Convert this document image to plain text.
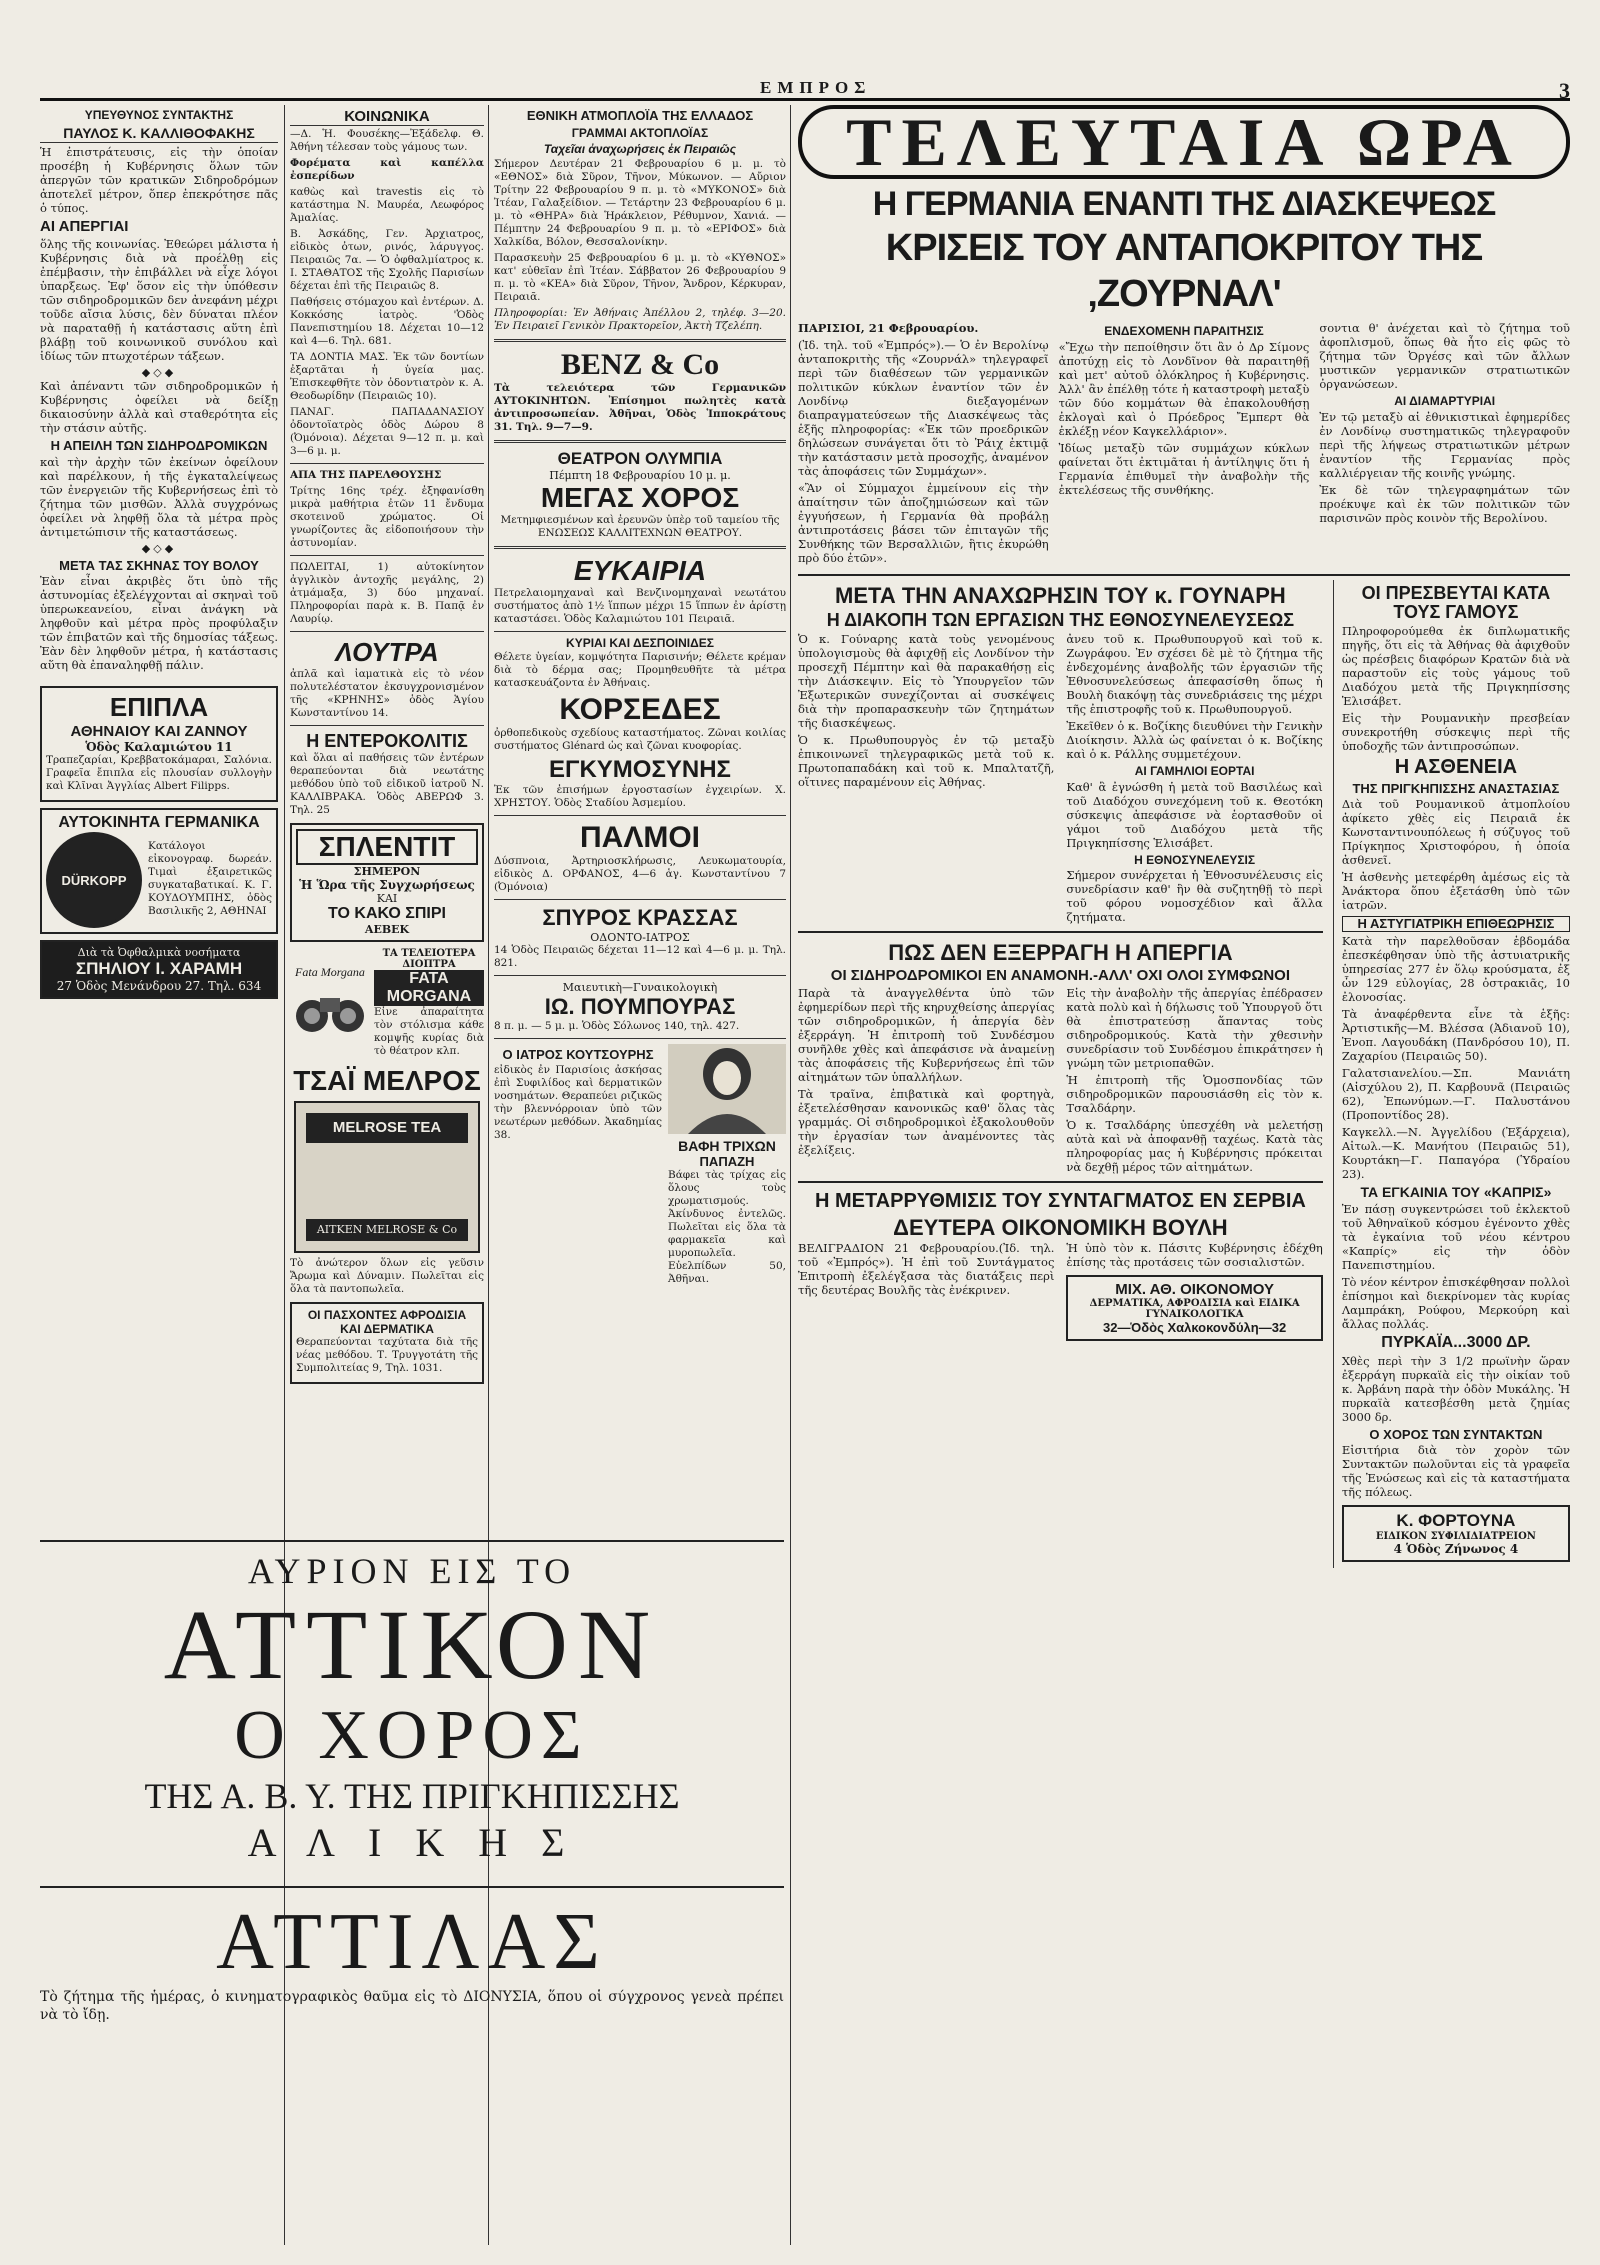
ΕΜΠΡΟΣ	3
ΥΠΕΥΘΥΝΟΣ ΣΥΝΤΑΚΤΗΣ
ΠΑΥΛΟΣ Κ. ΚΑΛΛΙΘΟΦΑΚΗΣ

Ἡ ἐπιστράτευσις, εἰς τὴν ὁποίαν προσέβη ἡ Κυβέρνησις ὅλων τῶν ἀπεργῶν τῶν κρατικῶν Σιδηροδρόμων ἀποτελεῖ μέτρον, ὅπερ ἐπεκρότησε πᾶς ὁ τύπος.

ΑΙ ΑΠΕΡΓΙΑΙ

ὅλης τῆς κοινωνίας. Ἐθεώρει μάλιστα ἡ Κυβέρνησις διὰ νὰ προέλθῃ εἰς ἐπέμβασιν, τὴν ἐπιβάλλει νὰ εἶχε λόγοι ὑπαρξεως. Ἐφ' ὅσον εἰς τὴν ὑπόθεσιν τῶν σιδηροδρομικῶν δεν ἀνεφάνη μέχρι τοῦδε αἴσια λύσις, δὲν δύναται πλέον νὰ παραταθῇ ἡ κατάστασις αὕτη ἐπὶ βλάβῃ τοῦ κοινωνικοῦ συνόλου καὶ ἰδίως τῶν πτωχοτέρων τάξεων.

◆◇◆

Καὶ ἀπέναντι τῶν σιδηροδρομικῶν ἡ Κυβέρνησις ὀφείλει νὰ δείξῃ δικαιοσύνην ἀλλὰ καὶ σταθερότητα εἰς τὴν στάσιν αὐτῆς.

Η ΑΠΕΙΛΗ ΤΩΝ ΣΙΔΗΡΟΔΡΟΜΙΚΩΝ

καὶ τὴν ἀρχὴν τῶν ἐκείνων ὀφείλουν καὶ παρέλκουν, ἡ τῆς ἐγκαταλείψεως τῶν ἐνεργειῶν τῆς Κυβερνήσεως ἐπὶ τὸ ζήτημα τῶν μισθῶν. Ἀλλὰ συγχρόνως ὀφείλει νὰ ληφθῇ ὅλα τὰ μέτρα πρὸς ἀντιμετώπισιν τῆς καταστάσεως.

◆◇◆
ΜΕΤΑ ΤΑΣ ΣΚΗΝΑΣ ΤΟΥ ΒΟΛΟΥ

Ἐὰν εἶναι ἀκριβὲς ὅτι ὑπὸ τῆς ἀστυνομίας ἐξελέγχονται αἱ σκηναὶ τοῦ ὑπερωκεανείου, εἶναι ἀνάγκη νὰ ληφθοῦν καὶ μέτρα πρὸς προφύλαξιν τῶν ἐπιβατῶν καὶ τῆς δημοσίας τάξεως. Ἐὰν δὲν ληφθοῦν μέτρα, ἡ κατάστασις αὕτη θὰ ἐπαναληφθῇ πάλιν.

ΕΠΙΠΛΑ
ΑΘΗΝΑΙΟΥ ΚΑΙ ΖΑΝΝΟΥ
Ὁδὸς Καλαμιώτου 11

Τραπεζαρίαι, Κρεββατοκάμαραι, Σαλόνια. Γραφεῖα ἔπιπλα εἰς πλουσίαν συλλογὴν καὶ Κλῖναι Ἀγγλίας Albert Filipps.

ΑΥΤΟΚΙΝΗΤΑ ΓΕΡΜΑΝΙΚΑ
DÜRKOPP

Κατάλογοι εἰκονογραφ. δωρεάν. Τιμαὶ ἐξαιρετικῶς συγκαταβατικαί. Κ. Γ. ΚΟΥΔΟΥΜΠΗΣ, ὁδὸς Βασιλικῆς 2, ΑΘΗΝΑΙ

Διὰ τὰ Ὀφθαλμικὰ νοσήματα
ΣΠΗΛΙΟΥ Ι. ΧΑΡΑΜΗ
27 Ὁδὸς Μενάνδρου 27. Τηλ. 634
ΚΟΙΝΩΝΙΚΑ

—Δ. Ἡ. Φουσέκης—Ἐξάδελφ. Θ. Ἀθήνη τέλεσαν τοὺς γάμους των.

Φορέματα καὶ καπέλλα ἐσπερίδων

καθὼς καὶ travestis εἰς τὸ κατάστημα Ν. Μαυρέα, Λεωφόρος Ἀμαλίας.

Β. Ἀσκάδης, Γεν. Ἀρχιατρος, εἰδικὸς ὀτων, ρινός, λάρυγγος. Πειραιῶς 7α. — Ὁ ὀφθαλμίατρος κ. Ι. ΣΤΑΘΑΤΟΣ τῆς Σχολῆς Παρισίων δέχεται ἐπὶ τῆς Πειραιῶς 8.

Παθήσεις στόμαχου καὶ ἐντέρων. Δ. Κοκκόσης ἰατρὸς. 'Ὁδὸς Πανεπιστημίου 18. Δέχεται 10—12 καὶ 4—6. Τηλ. 681.

ΤΑ ΔΟΝΤΙΑ ΜΑΣ. Ἐκ τῶν δοντίων ἐξαρτᾶται ἡ ὑγεία μας. Ἐπισκεφθῆτε τὸν ὀδοντιατρὸν κ. Α. Θεοδωρίδην (Πειραιῶς 10).

ΠΑΝΑΓ. ΠΑΠΑΔΑΝΑΣΙΟΥ ὀδοντοϊατρὸς ὁδὸς Δώρου 8 (Ὀμόνοια). Δέχεται 9—12 π. μ. καὶ 3—6 μ. μ.

ΑΠΑ ΤΗΣ ΠΑΡΕΛΘΟΥΣΗΣ

Τρίτης 16ης τρέχ. ἐξηφανίσθη μικρὰ μαθήτρια ἐτῶν 11 ἔνδυμα σκοτεινοῦ χρώματος. Οἱ γνωρίζοντες ἂς εἰδοποιήσουν τὴν ἀστυνομίαν.

ΠΩΛΕΙΤΑΙ, 1) αὐτοκίνητον ἀγγλικὸν ἀντοχῆς μεγάλης, 2) ἀτμάμαξα, 3) δύο μηχαναί. Πληροφορίαι παρὰ κ. Β. Παπᾷ ἐν Λαυρίῳ.

ΛΟΥΤΡΑ

ἀπλᾶ καὶ ἰαματικὰ εἰς τὸ νέον πολυτελέστατον ἐκσυγχρονισμένον τῆς «ΚΡΗΝΗΣ» ὁδὸς Ἁγίου Κωνσταντίνου 14.

Η ΕΝΤΕΡΟΚΟΛΙΤΙΣ

καὶ ὅλαι αἱ παθήσεις τῶν ἐντέρων θεραπεύονται διὰ νεωτάτης μεθόδου ὑπὸ τοῦ εἰδικοῦ ἰατροῦ Ν. ΚΑΛΛΙΒΡΑΚΑ. Ὁδὸς ΑΒΕΡΩΦ 3. Τηλ. 25

ΣΠΛΕΝΤΙΤ
ΣΗΜΕΡΟΝ
Ἡ Ὥρα τῆς Συγχωρήσεως
ΚΑΙ
ΤΟ ΚΑΚΟ ΣΠΙΡΙ
ΑΕΒΕΚ
Fata Morgana
ΤΑ ΤΕΛΕΙΟΤΕΡΑ ΔΙΟΠΤΡΑ
FATA MORGANA

Εἶνε ἀπαραίτητα τὸν στόλισμα κάθε κομψῆς κυρίας διὰ τὸ θέατρον κλπ.

ΤΣΑΪ ΜΕΛΡΟΣ
MELROSE TEA
AITKEN MELROSE & Co

Τὸ ἀνώτερον ὅλων εἰς γεῦσιν Ἄρωμα καὶ Δύναμιν. Πωλεῖται εἰς ὅλα τὰ παντοπωλεῖα.

ΟΙ ΠΑΣΧΟΝΤΕΣ ΑΦΡΟΔΙΣΙΑ ΚΑΙ ΔΕΡΜΑΤΙΚΑ

Θεραπεύονται ταχύτατα διὰ τῆς νέας μεθόδου. Τ. Τρυγγοτάτη τῆς Συμπολιτείας 9, Τηλ. 1031.

ΕΘΝΙΚΗ ΑΤΜΟΠΛΟΪΑ ΤΗΣ ΕΛΛΑΔΟΣ
ΓΡΑΜΜΑΙ ΑΚΤΟΠΛΟΪΑΣ
Ταχεῖαι ἀναχωρήσεις ἐκ Πειραιῶς

Σήμερον Δευτέραν 21 Φεβρουαρίου 6 μ. μ. τὸ «ΕΘΝΟΣ» διὰ Σῦρον, Τῆνον, Μύκωνον. — Αὔριον Τρίτην 22 Φεβρουαρίου 9 π. μ. τὸ «ΜΥΚΟΝΟΣ» διὰ Ἰτέαν, Γαλαξείδιον. — Τετάρτην 23 Φεβρουαρίου 6 μ. μ. τὸ «ΘΗΡΑ» διὰ Ἡράκλειον, Ρέθυμνον, Χανιά. — Πέμπτην 24 Φεβρουαρίου 9 π. μ. τὸ «ΕΡΙΦΟΣ» διὰ Χαλκίδα, Βόλον, Θεσσαλονίκην.

Παρασκευὴν 25 Φεβρουαρίου 6 μ. μ. τὸ «ΚΥΘΝΟΣ» κατ' εὐθεῖαν ἐπὶ Ἰτέαν. Σάββατον 26 Φεβρουαρίου 9 π. μ. τὸ «ΚΕΑ» διὰ Σῦρον, Τῆνον, Ἄνδρον, Κέρκυραν, Πειραιᾶ.

Πληροφορίαι: Ἐν Ἀθήναις Ἀπέλλου 2, τηλέφ. 3—20. Ἐν Πειραιεῖ Γενικὸν Πρακτορεῖον, Ἀκτὴ Τζελέπη.

BENZ & Co

Τὰ τελειότερα τῶν Γερμανικῶν ΑΥΤΟΚΙΝΗΤΩΝ. Ἐπίσημοι πωλητὲς κατὰ ἀντιπροσωπείαν. Ἀθῆναι, Ὁδὸς Ἱπποκράτους 31. Τηλ. 9—7—9.

ΘΕΑΤΡΟΝ ΟΛΥΜΠΙΑ
Πέμπτη 18 Φεβρουαρίου 10 μ. μ.
ΜΕΓΑΣ ΧΟΡΟΣ

Μετημφιεσμένων καὶ ἐρευνῶν ὑπὲρ τοῦ ταμείου τῆς ΕΝΩΣΕΩΣ ΚΑΛΛΙΤΕΧΝΩΝ ΘΕΑΤΡΟΥ.

ΕΥΚΑΙΡΙΑ

Πετρελαιομηχαναὶ καὶ Βενζινομηχαναὶ νεωτάτου συστήματος ἀπὸ 1½ ἵππων μέχρι 15 ἵππων ἐν ἀρίστῃ καταστάσει. Ὁδὸς Καλαμιώτου 101 Πειραιᾶ.

ΚΥΡΙΑΙ ΚΑΙ ΔΕΣΠΟΙΝΙΔΕΣ

Θέλετε ὑγείαν, κομψότητα Παρισινήν; Θέλετε κρέμαν διὰ τὸ δέρμα σας; Προμηθευθῆτε τὰ μέτρα κατασκευάζοντα ἐν Ἀθήναις.

ΚΟΡΣΕΔΕΣ

ὀρθοπεδικοὺς σχεδίους καταστήματος. Ζῶναι κοιλίας συστήματος Glénard ὡς καὶ ζῶναι κυοφορίας.

ΕΓΚΥΜΟΣΥΝΗΣ

Ἐκ τῶν ἐπισήμων ἐργοστασίων ἐγχειρίων. Χ. ΧΡΗΣΤΟΥ. Ὁδὸς Σταδίου Ἀσμεμίου.

ΠΑΛΜΟΙ

Δύσπνοια, Ἀρτηριοσκλήρωσις, Λευκωματουρία, εἰδικὸς Δ. ΟΡΦΑΝΟΣ, 4—6 ἁγ. Κωνσταντίνου 7 (Ὀμόνοια)

ΣΠΥΡΟΣ ΚΡΑΣΣΑΣ
ΟΔΟΝΤΟ-ΙΑΤΡΟΣ

14 Ὁδὸς Πειραιῶς δέχεται 11—12 καὶ 4—6 μ. μ. Τηλ. 821.

Μαιευτικὴ—Γυναικολογικὴ
ΙΩ. ΠΟΥΜΠΟΥΡΑΣ

8 π. μ. — 5 μ. μ. Ὁδὸς Σόλωνος 140, τηλ. 427.

Ο ΙΑΤΡΟΣ ΚΟΥΤΣΟΥΡΗΣ

εἰδικὸς ἐν Παρισίοις ἀσκήσας ἐπὶ Συφιλίδος καὶ δερματικῶν νοσημάτων. Θεραπεύει ριζικῶς τὴν βλεννόρροιαν ὑπὸ τῶν νεωτέρων μεθόδων. Ἀκαδημίας 38.

ΒΑΦΗ ΤΡΙΧΩΝ
ΠΑΠΑΖΗ

Βάφει τὰς τρίχας εἰς ὅλους τοὺς χρωματισμούς. Ἀκίνδυνος ἐντελῶς. Πωλεῖται εἰς ὅλα τὰ φαρμακεῖα καὶ μυροπωλεῖα. Εὐελπίδων 50, Ἀθῆναι.

ΤΕΛΕΥΤΑΙΑ ΩΡΑ
Η ΓΕΡΜΑΝΙΑ ΕΝΑΝΤΙ ΤΗΣ ΔΙΑΣΚΕΨΕΩΣ
ΚΡΙΣΕΙΣ ΤΟΥ ΑΝΤΑΠΟΚΡΙΤΟΥ ΤΗΣ ‚ΖΟΥΡΝΑΛ'

ΠΑΡΙΣΙΟΙ, 21 Φεβρουαρίου.

(Ἰδ. τηλ. τοῦ «Ἐμπρός»).— Ὁ ἐν Βερολίνῳ ἀνταποκριτὴς τῆς «Ζουρνάλ» τηλεγραφεῖ περὶ τῶν διαθέσεων τῶν γερμανικῶν πολιτικῶν κύκλων ἐναντίον τῶν ἐν Λονδίνῳ διεξαγομένων διαπραγματεύσεων τῆς Διασκέψεως τὰς ἑξῆς πληροφορίας: «Ἐκ τῶν προεδρικῶν δηλώσεων συνάγεται ὅτι τὸ Ῥάιχ ἐκτιμᾷ τὴν κατάστασιν μετὰ προσοχῆς, ἀναμένον τὰς ἀποφάσεις τῶν Συμμάχων».

«Ἂν οἱ Σύμμαχοι ἐμμείνουν εἰς τὴν ἀπαίτησιν τῶν ἀποζημιώσεων καὶ τῶν ἐγγυήσεων, ἡ Γερμανία θὰ προβάλῃ ἀντιπροτάσεις βάσει τῶν ἐπιταγῶν τῆς Συνθήκης τῶν Βερσαλλιῶν, ἣτις ἐκυρώθη πρὸ δύο ἐτῶν».

ΕΝΔΕΧΟΜΕΝΗ ΠΑΡΑΙΤΗΣΙΣ

«Ἔχω τὴν πεποίθησιν ὅτι ἂν ὁ Δρ Σίμονς ἀποτύχῃ εἰς τὸ Λονδῖνον θὰ παραιτηθῇ καὶ μετ' αὐτοῦ ὁλόκληρος ἡ Κυβέρνησις. Ἀλλ' ἂν ἐπέλθῃ τότε ἡ καταστροφὴ μεταξὺ τῶν δύο κομμάτων θὰ ἐπακολουθήσῃ ἐκλογαὶ καὶ ὁ Πρόεδρος Ἔμπερτ θὰ ἐκλέξῃ νέον Καγκελλάριον».

Ἰδίως μεταξὺ τῶν συμμάχων κύκλων φαίνεται ὅτι ἐκτιμᾶται ἡ ἀντίληψις ὅτι ἡ Γερμανία ἐπιθυμεῖ τὴν ἀναβολὴν τῆς ἐκτελέσεως τῆς συνθήκης.

σοντια θ' ἀνέχεται καὶ τὸ ζήτημα τοῦ ἀφοπλισμοῦ, ὅπως θὰ ἦτο εἰς φῶς τὸ ζήτημα τῶν Ὀργέσς καὶ τῶν ἄλλων μυστικῶν γερμανικῶν στρατιωτικῶν ὀργανώσεων.

ΑΙ ΔΙΑΜΑΡΤΥΡΙΑΙ

Ἐν τῷ μεταξὺ αἱ ἐθνικιστικαὶ ἐφημερίδες ἐν Λονδίνῳ συστηματικῶς τηλεγραφοῦν περὶ τῆς λήψεως στρατιωτικῶν μέτρων ἐναντίον τῆς Γερμανίας πρὸς καλλιέργειαν τῆς κοινῆς γνώμης.

Ἐκ δὲ τῶν τηλεγραφημάτων τῶν προέκυψε καὶ ἐκ τῶν πολιτικῶν τῶν παρισινῶν πρὸς κοινὸν τῆς Βερολίνου.

ΜΕΤΑ ΤΗΝ ΑΝΑΧΩΡΗΣΙΝ ΤΟΥ κ. ΓΟΥΝΑΡΗ
Η ΔΙΑΚΟΠΗ ΤΩΝ ΕΡΓΑΣΙΩΝ ΤΗΣ ΕΘΝΟΣΥΝΕΛΕΥΣΕΩΣ

Ὁ κ. Γούναρης κατὰ τοὺς γενομένους ὑπολογισμοὺς θὰ ἀφιχθῇ εἰς Λονδίνον τὴν προσεχῆ Πέμπτην καὶ θὰ παρακαθήσῃ εἰς τὴν Διάσκεψιν. Εἰς τὸ Ὑπουργεῖον τῶν Ἐξωτερικῶν συνεχίζονται αἱ συσκέψεις διὰ τὴν προπαρασκευὴν τῶν ζητημάτων τῆς διασκέψεως.

Ὁ κ. Πρωθυπουργὸς ἐν τῷ μεταξὺ ἐπικοινωνεῖ τηλεγραφικῶς μετὰ τοῦ κ. Πρωτοπαπαδάκη καὶ τοῦ κ. Μπαλτατζῆ, οἵτινες παραμένουν εἰς Ἀθήνας.

ἀνευ τοῦ κ. Πρωθυπουργοῦ καὶ τοῦ κ. Ζωγράφου. Ἐν σχέσει δὲ μὲ τὸ ζήτημα τῆς ἐνδεχομένης ἀναβολῆς τῶν ἐργασιῶν τῆς Ἐθνοσυνελεύσεως ἀπεφασίσθη ὅπως ἡ Βουλὴ διακόψῃ τὰς συνεδριάσεις της μέχρι τῆς ἐπιστροφῆς τοῦ κ. Πρωθυπουργοῦ.

Ἐκεῖθεν ὁ κ. Βοζίκης διευθύνει τὴν Γενικὴν Διοίκησιν. Ἀλλὰ ὡς φαίνεται ὁ κ. Βοζίκης καὶ ὁ κ. Ράλλης συμμετέχουν.

ΑΙ ΓΑΜΗΛΙΟΙ ΕΟΡΤΑΙ

Καθ' ἃ ἐγνώσθη ἡ μετὰ τοῦ Βασιλέως καὶ τοῦ Διαδόχου συνεχόμενη τοῦ κ. Θεοτόκη σύσκεψις ἀπεφάσισε νὰ ἑορτασθοῦν οἱ γάμοι τοῦ Διαδόχου μετὰ τῆς Πριγκηπίσσης Ἑλισάβετ.

Η ΕΘΝΟΣΥΝΕΛΕΥΣΙΣ

Σήμερον συνέρχεται ἡ Ἐθνοσυνέλευσις εἰς συνεδρίασιν καθ' ἣν θὰ συζητηθῇ τὸ περὶ τοῦ φόρου νομοσχέδιον καὶ ἄλλα ζητήματα.

ΠΩΣ ΔΕΝ ΕΞΕΡΡΑΓΗ Η ΑΠΕΡΓΙΑ
ΟΙ ΣΙΔΗΡΟΔΡΟΜΙΚΟΙ ΕΝ ΑΝΑΜΟΝΗ.-ΑΛΛ' ΟΧΙ ΟΛΟΙ ΣΥΜΦΩΝΟΙ

Παρὰ τὰ ἀναγγελθέντα ὑπὸ τῶν ἐφημερίδων περὶ τῆς κηρυχθείσης ἀπεργίας τῶν σιδηροδρομικῶν, ἡ ἀπεργία δὲν ἐξερράγη. Ἡ ἐπιτροπὴ τοῦ Συνδέσμου συνῆλθε χθὲς καὶ ἀπεφάσισε νὰ ἀναμείνῃ τὰς ἀποφάσεις τῆς Κυβερνήσεως ἐπὶ τῶν αἰτημάτων τῶν ὑπαλλήλων.

Τὰ τραῖνα, ἐπιβατικὰ καὶ φορτηγὰ, ἐξετελέσθησαν κανονικῶς καθ' ὅλας τὰς γραμμάς. Οἱ σιδηροδρομικοὶ ἐξακολουθοῦν τὴν ἐργασίαν των ἀναμένοντες τὰς ἐξελίξεις.

Εἰς τὴν ἀναβολὴν τῆς ἀπεργίας ἐπέδρασεν κατὰ πολὺ καὶ ἡ δήλωσις τοῦ Ὑπουργοῦ ὅτι θὰ ἐπιστρατεύσῃ ἅπαντας τοὺς σιδηροδρομικούς. Κατὰ τὴν χθεσινὴν συνεδρίασιν τοῦ Συνδέσμου ἐπικράτησεν ἡ γνώμη τῶν μετριοπαθῶν.

Ἡ ἐπιτροπὴ τῆς Ὁμοσπονδίας τῶν σιδηροδρομικῶν παρουσιάσθη εἰς τὸν κ. Τσαλδάρην.

Ὁ κ. Τσαλδάρης ὑπεσχέθη νὰ μελετήσῃ αὐτὰ καὶ νὰ ἀποφανθῇ ταχέως. Κατὰ τὰς πληροφορίας μας ἡ Κυβέρνησις πρόκειται νὰ δεχθῇ μέρος τῶν αἰτημάτων.

Η ΜΕΤΑΡΡΥΘΜΙΣΙΣ ΤΟΥ ΣΥΝΤΑΓΜΑΤΟΣ ΕΝ ΣΕΡΒΙΑ
ΔΕΥΤΕΡΑ ΟΙΚΟΝΟΜΙΚΗ ΒΟΥΛΗ

ΒΕΛΙΓΡΑΔΙΟΝ 21 Φεβρουαρίου.(Ἰδ. τηλ. τοῦ «Ἐμπρός»). Ἡ ἐπὶ τοῦ Συντάγματος Ἐπιτροπὴ ἐξελέγξασα τὰς διατάξεις περὶ τῆς δευτέρας Βουλῆς τὰς ἐνέκρινεν.

Ἡ ὑπὸ τὸν κ. Πάσιτς Κυβέρνησις ἐδέχθη ἐπίσης τὰς προτάσεις τῶν σοσιαλιστῶν.

ΜΙΧ. ΑΘ. ΟΙΚΟΝΟΜΟΥ
ΔΕΡΜΑΤΙΚΑ, ΑΦΡΟΔΙΣΙΑ καὶ ΕΙΔΙΚΑ ΓΥΝΑΙΚΟΛΟΓΙΚΑ
32—Ὁδὸς Χαλκοκονδύλη—32
ΟΙ ΠΡΕΣΒΕΥΤΑΙ ΚΑΤΑ ΤΟΥΣ ΓΑΜΟΥΣ

Πληροφορούμεθα ἐκ διπλωματικῆς πηγῆς, ὅτι εἰς τὰ Ἀθήνας θὰ ἀφιχθοῦν ὡς πρέσβεις διαφόρων Κρατῶν διὰ νὰ παραστοῦν εἰς τοὺς γάμους τοῦ Διαδόχου μετὰ τῆς Πριγκηπίσσης Ἑλισάβετ.

Εἰς τὴν Ρουμανικὴν πρεσβείαν συνεκροτήθη σύσκεψις περὶ τῆς ὑποδοχῆς τῶν ἀντιπροσώπων.

Η ΑΣΘΕΝΕΙΑ
ΤΗΣ ΠΡΙΓΚΗΠΙΣΣΗΣ ΑΝΑΣΤΑΣΙΑΣ

Διὰ τοῦ Ρουμανικοῦ ἀτμοπλοίου ἀφίκετο χθὲς εἰς Πειραιᾶ ἐκ Κωνσταντινουπόλεως ἡ σύζυγος τοῦ Πρίγκηπος Χριστοφόρου, ἡ ὁποία ἀσθενεῖ.

Ἡ ἀσθενὴς μετεφέρθη ἀμέσως εἰς τὰ Ἀνάκτορα ὅπου ἐξετάσθη ὑπὸ τῶν ἰατρῶν.

Η ΑΣΤΥΓΙΑΤΡΙΚΗ ΕΠΙΘΕΩΡΗΣΙΣ

Κατὰ τὴν παρελθοῦσαν ἑβδομάδα ἐπεσκέφθησαν ὑπὸ τῆς ἀστυιατρικῆς ὑπηρεσίας 277 ἐν ὅλῳ κρούσματα, ἐξ ὧν 129 εὐλογίας, 28 ὀστρακιᾶς, 10 ἐλονοσίας.

Τὰ ἀναφέρθεντα εἶνε τὰ ἑξῆς: Ἀρτιστικῆς—Μ. Βλέσσα (Ἀδιανοῦ 10), Ἐνοπ. Λαγουδάκη (Πανδρόσου 10), Π. Ζαχαρίου (Πειραιῶς 50).

Γαλατσιανελίου.—Σπ. Μανιάτη (Αἰσχύλου 2), Π. Καρβουνᾶ (Πειραιῶς 62), Ἐπωνύμων.—Γ. Παλυστάνου (Προποντίδος 28).

Καγκελλ.—Ν. Ἀγγελίδου (Ἐξάρχεια), Αἰτωλ.—Κ. Μανήτου (Πειραιῶς 51), Κουρτάκη—Γ. Παπαγόρα (Ὑδραίου 23).

ΤΑ ΕΓΚΑΙΝΙΑ ΤΟΥ «ΚΑΠΡΙΣ»

Ἐν πάσῃ συγκεντρώσει τοῦ ἐκλεκτοῦ τοῦ Ἀθηναϊκοῦ κόσμου ἐγένοντο χθὲς τὰ ἐγκαίνια τοῦ νέου κέντρου «Καπρίς» εἰς τὴν ὁδὸν Πανεπιστημίου.

Τὸ νέον κέντρον ἐπισκέφθησαν πολλοὶ ἐπίσημοι καὶ διεκρίνομεν τὰς κυρίας Λαμπράκη, Ρούφου, Μερκούρη καὶ ἄλλας πολλάς.

ΠΥΡΚΑΪΑ...3000 ΔΡ.

Χθὲς περὶ τὴν 3 1/2 πρωϊνὴν ὥραν ἐξερράγη πυρκαϊὰ εἰς τὴν οἰκίαν τοῦ κ. Ἀρβάνη παρὰ τὴν ὁδὸν Μυκάλης. Ἡ πυρκαϊὰ κατεσβέσθη μετὰ ζημίας 3000 δρ.

Ο ΧΟΡΟΣ ΤΩΝ ΣΥΝΤΑΚΤΩΝ

Εἰσιτήρια διὰ τὸν χορὸν τῶν Συντακτῶν πωλοῦνται εἰς τὰ γραφεῖα τῆς Ἐνώσεως καὶ εἰς τὰ καταστήματα τῆς πόλεως.

Κ. ΦΟΡΤΟΥΝΑ
ΕΙΔΙΚΟΝ ΣΥΦΙΛΙΔΙΑΤΡΕΙΟΝ
4 Ὁδὸς Ζήνωνος 4
ΑΥΡΙΟΝ ΕΙΣ ΤΟ
ΑΤΤΙΚΟΝ
Ο ΧΟΡΟΣ
ΤΗΣ Α. Β. Υ. ΤΗΣ ΠΡΙΓΚΗΠΙΣΣΗΣ
Α Λ Ι Κ Η Σ
ΑΤΤΙΛΑΣ

Τὸ ζήτημα τῆς ἡμέρας, ὁ κινηματογραφικὸς θαῦμα εἰς τὸ ΔΙΟΝΥΣΙΑ, ὅπου οἱ σύγχρονος γενεὰ πρέπει νὰ τὸ ἴδῃ.
